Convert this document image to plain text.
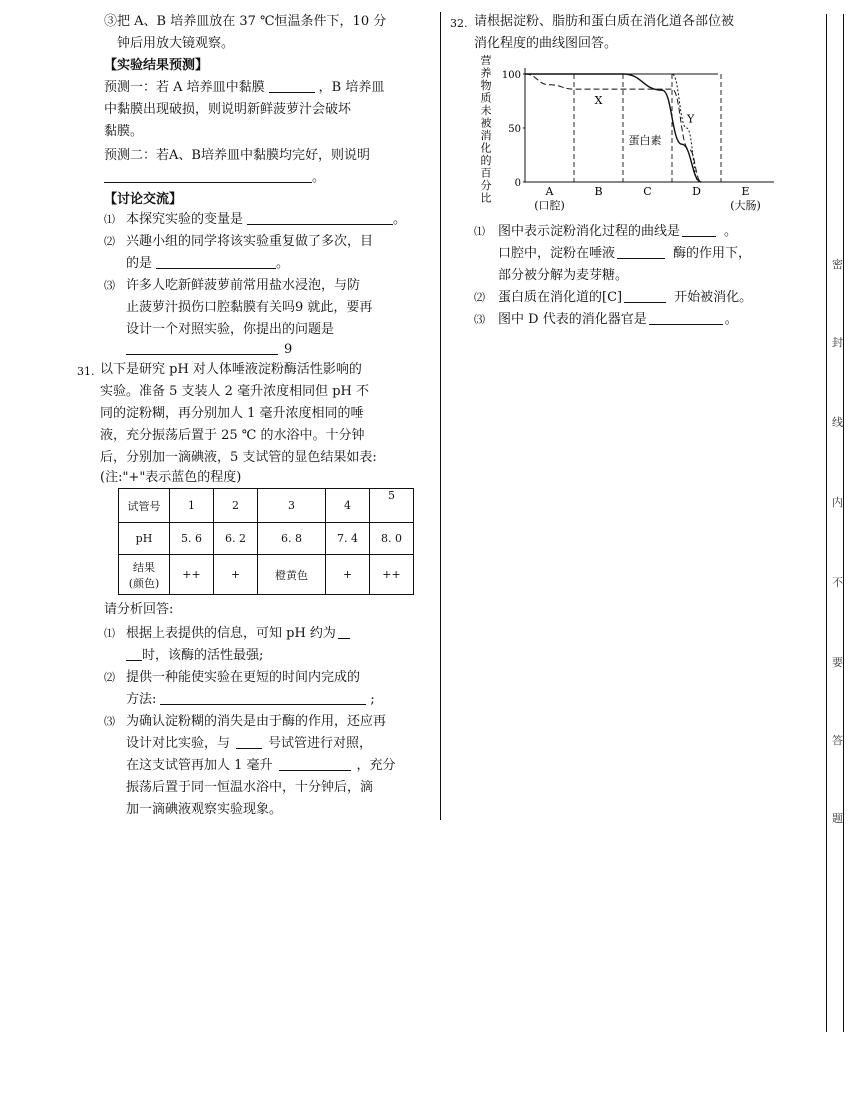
③把 A、B 培养皿放在 37 ℃恒温条件下，10 分
钟后用放大镜观察。
【实验结果预测】
预测一：若 A 培养皿中黏膜	，B 培养皿
中黏膜出现破损，则说明新鲜菠萝汁会破坏
黏膜。
预测二：若A、B培养皿中黏膜均完好，则说明
。
【讨论交流】
⑴ 本探究实验的变量是	。
⑵ 兴趣小组的同学将该实验重复做了多次，目
的是	。
⑶ 许多人吃新鲜菠萝前常用盐水浸泡，与防
止菠萝汁损伤口腔黏膜有关吗9 就此，要再
设计一个对照实验，你提出的问题是
9
31. 以下是研究 pH 对人体唾液淀粉酶活性影响的
实验。准备 5 支装人 2 毫升浓度相同但 pH 不
同的淀粉糊，再分别加人 1 毫升浓度相同的唾
液，充分振荡后置于 25 ℃ 的水浴中。十分钟
后，分别加一滴碘液，5 支试管的显色结果如表:
(注:"+"表示蓝色的程度)
试管号	1	2	3	4	5
pH	5. 6	6. 2	6. 8	7. 4	8. 0

结果
(颜色)	++	+	橙黄色	+	++
请分析回答:
⑴ 根据上表提供的信息，可知 pH 约为
时，该酶的活性最强;
⑵ 提供一种能使实验在更短的时间内完成的
方法:	;
⑶ 为确认淀粉糊的消失是由于酶的作用，还应再
设计对比实验，与	号试管进行对照，
在这支试管再加人 1 毫升	，充分
振荡后置于同一恒温水浴中，十分钟后，滴
加一滴碘液观察实验现象。
32. 请根据淀粉、脂肪和蛋白质在消化道各部位被
消化程度的曲线图回答。
营
养
物
质
未
被
消
化
的
百
分
比
100
50
0
A
(口腔)
B	C	D	E
(大肠)
X
蛋白素
Y
⑴ 图中表示淀粉消化过程的曲线是	。
口腔中，淀粉在唾液	酶的作用下，
部分被分解为麦芽糖。
⑵ 蛋白质在消化道的[C]	开始被消化。
⑶ 图中 D 代表的消化器官是	。
密
封
线
内
不
要
答
题
